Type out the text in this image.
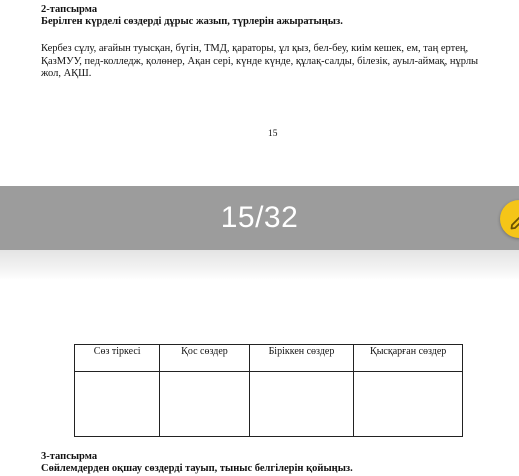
2-тапсырма

Берілген күрделі сөздерді дұрыс жазып, түрлерін ажыратыңыз.

Кербез сұлу, ағайын туысқан, бүгін, ТМД, қараторы, ұл қыз, бел-беу, киім кешек, ем, таң ертең, ҚазМУУ, пед-колледж, қолөнер, Ақан сері, күнде күнде, құлақ-салды, білезік, ауыл-аймақ, нұрлы жол, АҚШ.

15
15/32
Сөз тіркесі	Қос сөздер	Біріккен сөздер	Қысқарған сөздер

3-тапсырма
Сөйлемдерден оқшау сөздерді тауып, тыныс белгілерін қойыңыз.
